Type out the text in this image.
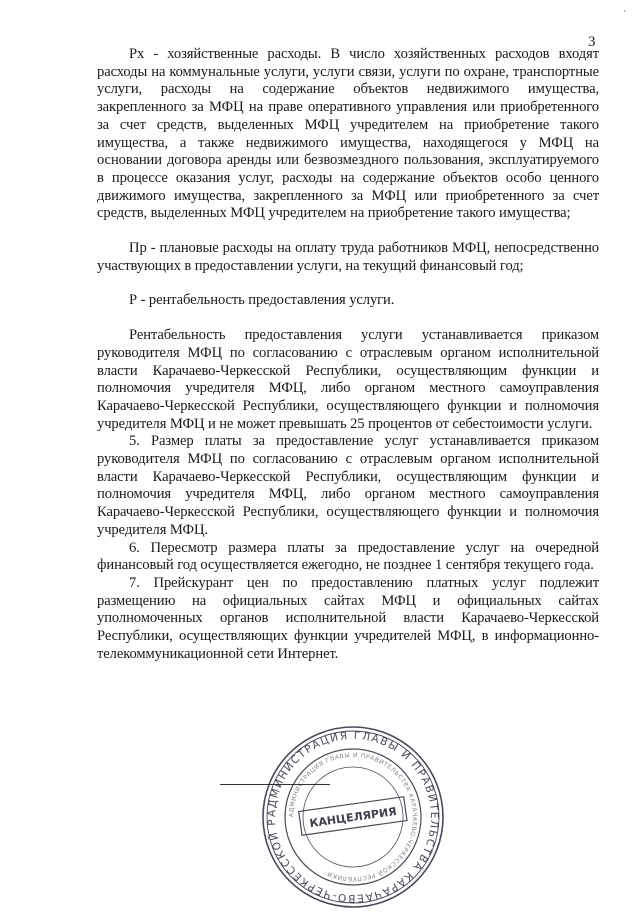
·
3

Рх - хозяйственные расходы. В число хозяйственных расходов входят расходы на коммунальные услуги, услуги связи, услуги по охране, транспортные услуги, расходы на содержание объектов недвижимого имущества, закрепленного за МФЦ на праве оперативного управления или приобретенного за счет средств, выделенных МФЦ учредителем на приобретение такого имущества, а также недвижимого имущества, находящегося у МФЦ на основании договора аренды или безвозмездного пользования, эксплуатируемого в процессе оказания услуг, расходы на содержание объектов особо ценного движимого имущества, закрепленного за МФЦ или приобретенного за счет средств, выделенных МФЦ учредителем на приобретение такого имущества;

Пр - плановые расходы на оплату труда работников МФЦ, непосредственно участвующих в предоставлении услуги, на текущий финансовый год;

Р - рентабельность предоставления услуги.

Рентабельность предоставления услуги устанавливается приказом руководителя МФЦ по согласованию с отраслевым органом исполнительной власти Карачаево-Черкесской Республики, осуществляющим функции и полномочия учредителя МФЦ, либо органом местного самоуправления Карачаево-Черкесской Республики, осуществляющего функции и полномочия учредителя МФЦ и не может превышать 25 процентов от себестоимости услуги.

5. Размер платы за предоставление услуг устанавливается приказом руководителя МФЦ по согласованию с отраслевым органом исполнительной власти Карачаево-Черкесской Республики, осуществляющим функции и полномочия учредителя МФЦ, либо органом местного самоуправления Карачаево-Черкесской Республики, осуществляющего функции и полномочия учредителя МФЦ.

6. Пересмотр размера платы за предоставление услуг на очередной финансовый год осуществляется ежегодно, не позднее 1 сентября текущего года.

7. Прейскурант цен по предоставлению платных услуг подлежит размещению на официальных сайтах МФЦ и официальных сайтах уполномоченных органов исполнительной власти Карачаево-Черкесской Республики, осуществляющих функции учредителей МФЦ, в информационно-телекоммуникационной сети Интернет.

АДМИНИСТРАЦИЯ ГЛАВЫ И ПРАВИТЕЛЬСТВА КАРАЧАЕВО-ЧЕРКЕССКОЙ Р
АДМИНИСТРАЦИЯ ГЛАВЫ И ПРАВИТЕЛЬСТВА КАРАЧАЕВО-ЧЕРКЕССКОЙ РЕСПУБЛИКИ
КАНЦЕЛЯРИЯ
